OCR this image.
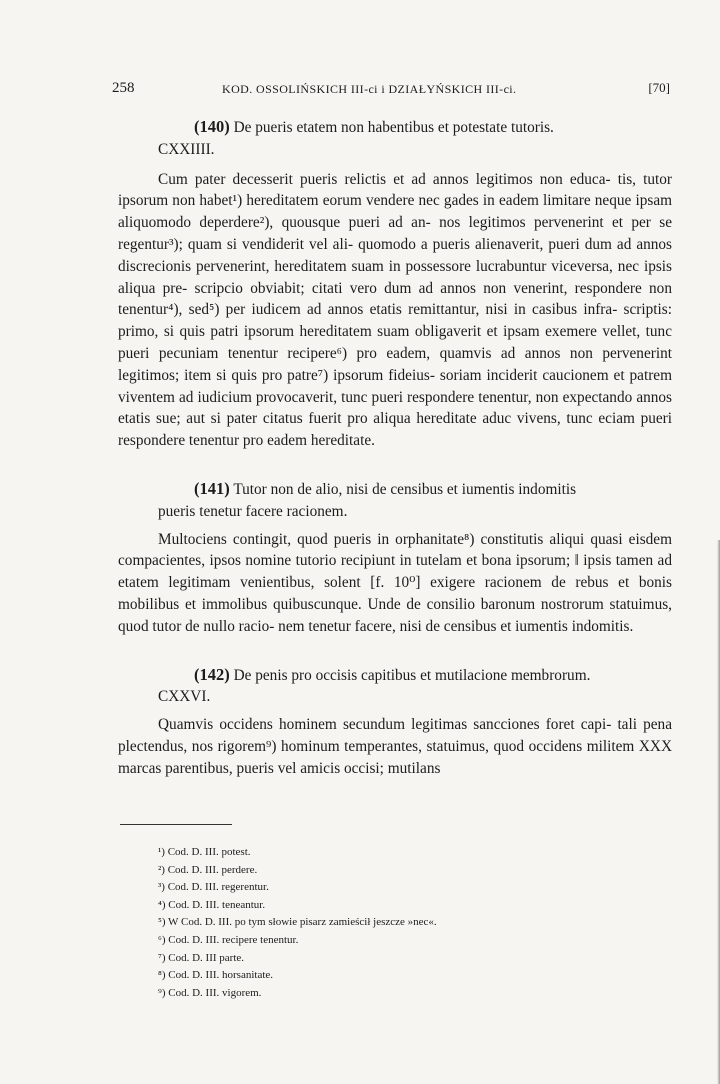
258	KOD. OSSOLIŃSKICH III-ci i DZIAŁYŃSKICH III-ci.	[70]

(140) De pueris etatem non habentibus et potestate tutoris.

CXXIIII.

Cum pater decesserit pueris relictis et ad annos legitimos non educa- tis, tutor ipsorum non habet¹) hereditatem eorum vendere nec gades in eadem limitare neque ipsam aliquomodo deperdere²), quousque pueri ad an- nos legitimos pervenerint et per se regentur³); quam si vendiderit vel ali- quomodo a pueris alienaverit, pueri dum ad annos discrecionis pervenerint, hereditatem suam in possessore lucrabuntur viceversa, nec ipsis aliqua pre- scripcio obviabit; citati vero dum ad annos non venerint, respondere non tenentur⁴), sed⁵) per iudicem ad annos etatis remittantur, nisi in casibus infra- scriptis: primo, si quis patri ipsorum hereditatem suam obligaverit et ipsam exemere vellet, tunc pueri pecuniam tenentur recipere⁶) pro eadem, quamvis ad annos non pervenerint legitimos; item si quis pro patre⁷) ipsorum fideius- soriam inciderit caucionem et patrem viventem ad iudicium provocaverit, tunc pueri respondere tenentur, non expectando annos etatis sue; aut si pater citatus fuerit pro aliqua hereditate aduc vivens, tunc eciam pueri respondere tenentur pro eadem hereditate.

(141) Tutor non de alio, nisi de censibus et iumentis indomitis

pueris tenetur facere racionem.

Multociens contingit, quod pueris in orphanitate⁸) constitutis aliqui quasi eisdem compacientes, ipsos nomine tutorio recipiunt in tutelam et bona ipsorum; ‖ ipsis tamen ad etatem legitimam venientibus, solent [f. 10⁰] exigere racionem de rebus et bonis mobilibus et immolibus quibuscunque. Unde de consilio baronum nostrorum statuimus, quod tutor de nullo racio- nem tenetur facere, nisi de censibus et iumentis indomitis.

(142) De penis pro occisis capitibus et mutilacione membrorum.

CXXVI.

Quamvis occidens hominem secundum legitimas sancciones foret capi- tali pena plectendus, nos rigorem⁹) hominum temperantes, statuimus, quod occidens militem XXX marcas parentibus, pueris vel amicis occisi; mutilans

¹) Cod. D. III. potest.

²) Cod. D. III. perdere.

³) Cod. D. III. regerentur.

⁴) Cod. D. III. teneantur.

⁵) W Cod. D. III. po tym słowie pisarz zamieścił jeszcze »nec«.

⁶) Cod. D. III. recipere tenentur.

⁷) Cod. D. III parte.

⁸) Cod. D. III. horsanitate.

⁹) Cod. D. III. vigorem.
